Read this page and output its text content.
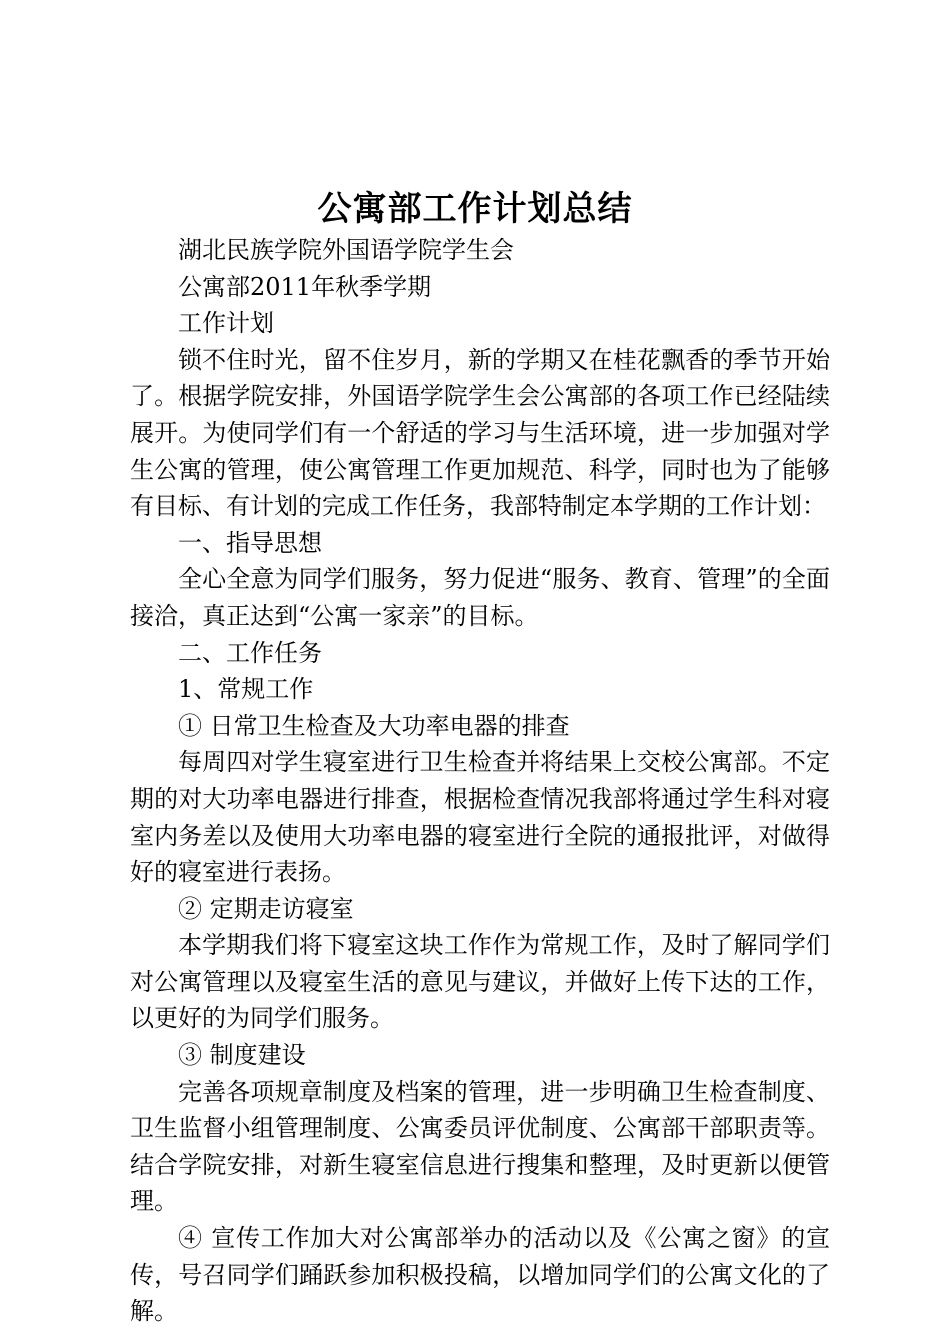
公寓部工作计划总结

湖北民族学院外国语学院学生会

公寓部2011年秋季学期

工作计划

锁不住时光，留不住岁月，新的学期又在桂花飘香的季节开始了。根据学院安排，外国语学院学生会公寓部的各项工作已经陆续展开。为使同学们有一个舒适的学习与生活环境，进一步加强对学生公寓的管理，使公寓管理工作更加规范、科学，同时也为了能够有目标、有计划的完成工作任务，我部特制定本学期的工作计划：

一、指导思想

全心全意为同学们服务，努力促进“服务、教育、管理”的全面接洽，真正达到“公寓一家亲”的目标。

二、工作任务

1、常规工作

① 日常卫生检查及大功率电器的排查

每周四对学生寝室进行卫生检查并将结果上交校公寓部。不定期的对大功率电器进行排查，根据检查情况我部将通过学生科对寝室内务差以及使用大功率电器的寝室进行全院的通报批评，对做得好的寝室进行表扬。

② 定期走访寝室

本学期我们将下寝室这块工作作为常规工作，及时了解同学们对公寓管理以及寝室生活的意见与建议，并做好上传下达的工作，以更好的为同学们服务。

③ 制度建设

完善各项规章制度及档案的管理，进一步明确卫生检查制度、卫生监督小组管理制度、公寓委员评优制度、公寓部干部职责等。结合学院安排，对新生寝室信息进行搜集和整理，及时更新以便管理。

④ 宣传工作加大对公寓部举办的活动以及《公寓之窗》的宣传，号召同学们踊跃参加积极投稿，以增加同学们的公寓文化的了解。
